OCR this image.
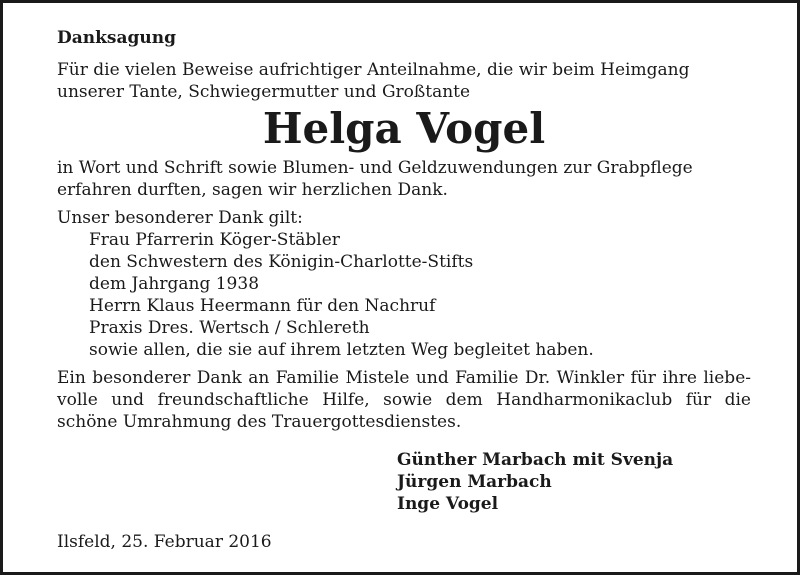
Danksagung
Für die vielen Beweise aufrichtiger Anteilnahme, die wir beim Heimgang
unserer Tante, Schwiegermutter und Großtante
Helga Vogel
in Wort und Schrift sowie Blumen- und Geldzuwendungen zur Grabpflege
erfahren durften, sagen wir herzlichen Dank.
Unser besonderer Dank gilt:
Frau Pfarrerin Köger-Stäbler
den Schwestern des Königin-Charlotte-Stifts
dem Jahrgang 1938
Herrn Klaus Heermann für den Nachruf
Praxis Dres. Wertsch / Schlereth
sowie allen, die sie auf ihrem letzten Weg begleitet haben.
Ein besonderer Dank an Familie Mistele und Familie Dr. Winkler für ihre liebe-
volle und freundschaftliche Hilfe, sowie dem Handharmonikaclub für die
schöne Umrahmung des Trauergottesdienstes.
Günther Marbach mit Svenja
Jürgen Marbach
Inge Vogel
Ilsfeld, 25. Februar 2016
